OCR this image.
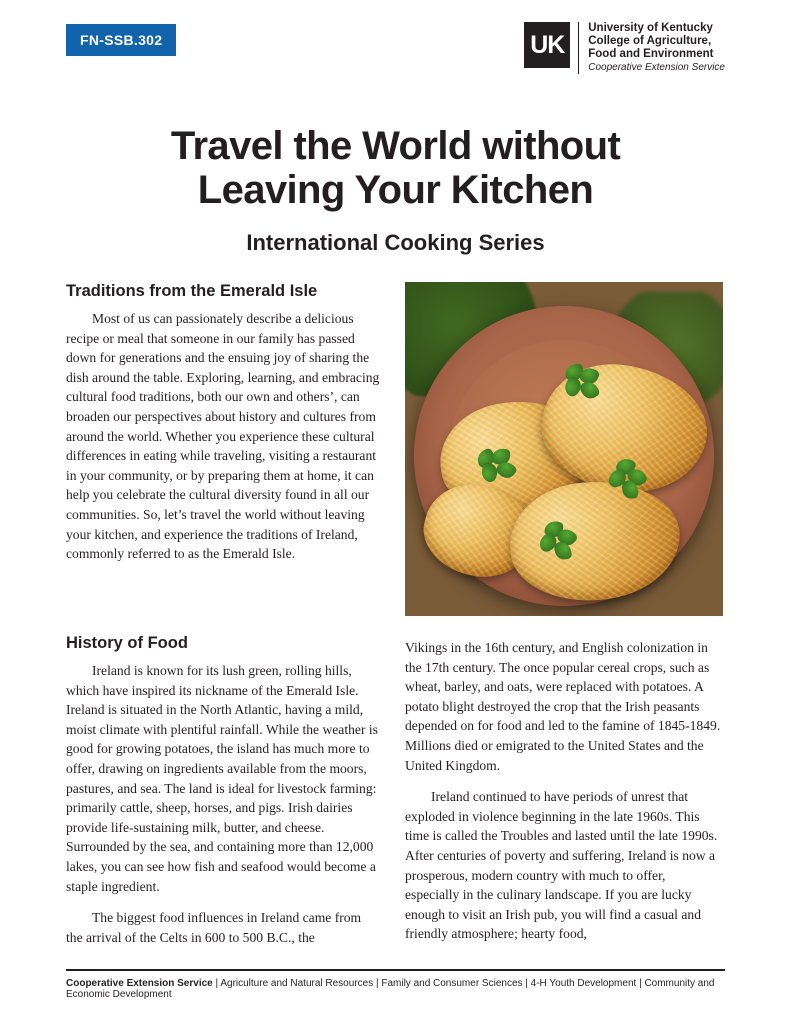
FN-SSB.302	UK
University of Kentucky
College of Agriculture,
Food and Environment
Cooperative Extension Service
Travel the World without
Leaving Your Kitchen
International Cooking Series
Traditions from the Emerald Isle

Most of us can passionately describe a delicious recipe or meal that someone in our family has passed down for generations and the ensuing joy of sharing the dish around the table. Exploring, learning, and embracing cultural food traditions, both our own and others’, can broaden our perspectives about history and cultures from around the world. Whether you experience these cultural differences in eating while traveling, visiting a restaurant in your community, or by preparing them at home, it can help you celebrate the cultural diversity found in all our communities. So, let’s travel the world without leaving your kitchen, and experience the traditions of Ireland, commonly referred to as the Emerald Isle.

History of Food

Ireland is known for its lush green, rolling hills, which have inspired its nickname of the Emerald Isle. Ireland is situated in the North Atlantic, having a mild, moist climate with plentiful rainfall. While the weather is good for growing potatoes, the island has much more to offer, drawing on ingredients available from the moors, pastures, and sea. The land is ideal for livestock farming: primarily cattle, sheep, horses, and pigs. Irish dairies provide life-sustaining milk, butter, and cheese. Surrounded by the sea, and containing more than 12,000 lakes, you can see how fish and seafood would become a staple ingredient.

The biggest food influences in Ireland came from the arrival of the Celts in 600 to 500 B.C., the

Vikings in the 16th century, and English colonization in the 17th century. The once popular cereal crops, such as wheat, barley, and oats, were replaced with potatoes. A potato blight destroyed the crop that the Irish peasants depended on for food and led to the famine of 1845-1849. Millions died or emigrated to the United States and the United Kingdom.

Ireland continued to have periods of unrest that exploded in violence beginning in the late 1960s. This time is called the Troubles and lasted until the late 1990s. After centuries of poverty and suffering, Ireland is now a prosperous, modern country with much to offer, especially in the culinary landscape. If you are lucky enough to visit an Irish pub, you will find a casual and friendly atmosphere; hearty food,

Cooperative Extension Service | Agriculture and Natural Resources | Family and Consumer Sciences | 4-H Youth Development | Community and Economic Development
